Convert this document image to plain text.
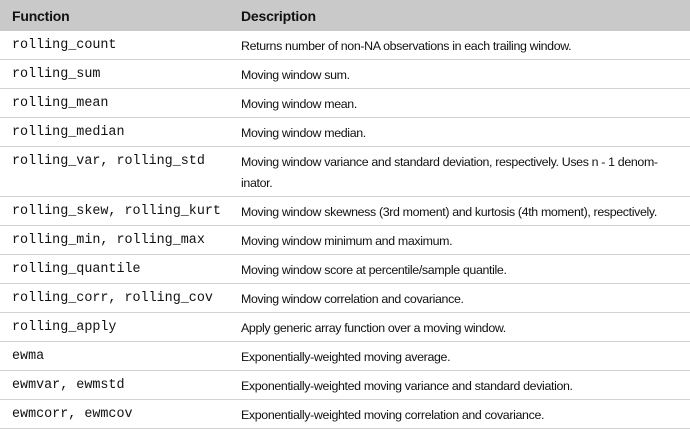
Function	Description
rolling_count	Returns number of non-NA observations in each trailing window.
rolling_sum	Moving window sum.
rolling_mean	Moving window mean.
rolling_median	Moving window median.
rolling_var, rolling_std	Moving window variance and standard deviation, respectively. Uses n - 1 denom-inator.
rolling_skew, rolling_kurt	Moving window skewness (3rd moment) and kurtosis (4th moment), respectively.
rolling_min, rolling_max	Moving window minimum and maximum.
rolling_quantile	Moving window score at percentile/sample quantile.
rolling_corr, rolling_cov	Moving window correlation and covariance.
rolling_apply	Apply generic array function over a moving window.
ewma	Exponentially-weighted moving average.
ewmvar, ewmstd	Exponentially-weighted moving variance and standard deviation.
ewmcorr, ewmcov	Exponentially-weighted moving correlation and covariance.
